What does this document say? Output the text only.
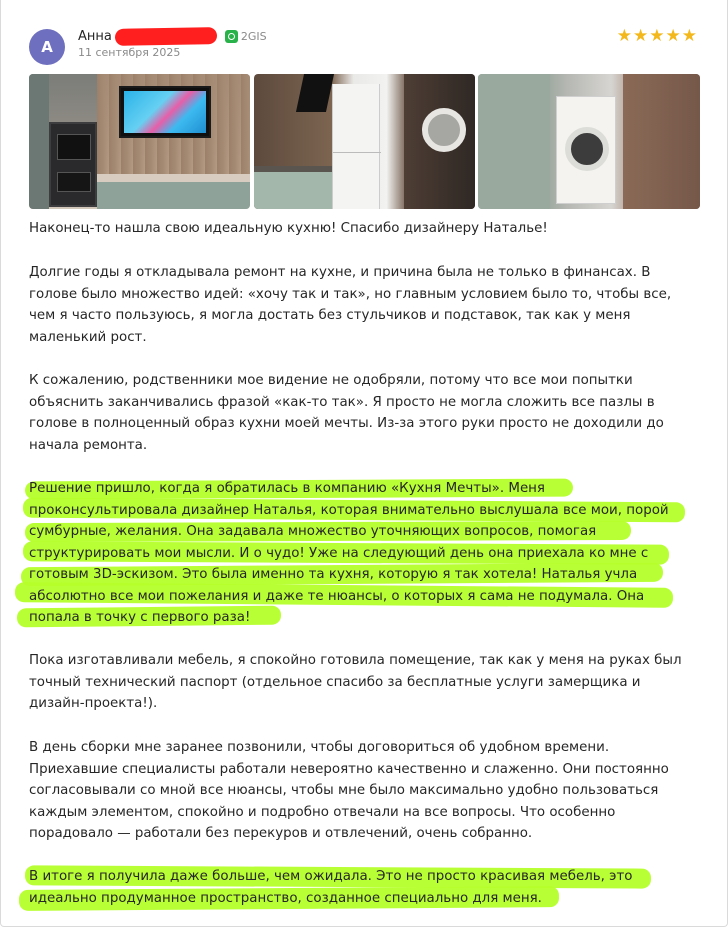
А
Анна	2GIS
11 сентября 2025
★ ★ ★ ★ ★

Наконец-то нашла свою идеальную кухню! Спасибо дизайнеру Наталье!

Долгие годы я откладывала ремонт на кухне, и причина была не только в финансах. В
голове было множество идей: «хочу так и так», но главным условием было то, чтобы все,
чем я часто пользуюсь, я могла достать без стульчиков и подставок, так как у меня
маленький рост.

К сожалению, родственники мое видение не одобряли, потому что все мои попытки
объяснить заканчивались фразой «как-то так». Я просто не могла сложить все пазлы в
голове в полноценный образ кухни моей мечты. Из-за этого руки просто не доходили до
начала ремонта.

Решение пришло, когда я обратилась в компанию «Кухня Мечты». Меня
проконсультировала дизайнер Наталья, которая внимательно выслушала все мои, порой
сумбурные, желания. Она задавала множество уточняющих вопросов, помогая
структурировать мои мысли. И о чудо! Уже на следующий день она приехала ко мне с
готовым 3D-эскизом. Это была именно та кухня, которую я так хотела! Наталья учла
абсолютно все мои пожелания и даже те нюансы, о которых я сама не подумала. Она
попала в точку с первого раза!

Пока изготавливали мебель, я спокойно готовила помещение, так как у меня на руках был
точный технический паспорт (отдельное спасибо за бесплатные услуги замерщика и
дизайн-проекта!).

В день сборки мне заранее позвонили, чтобы договориться об удобном времени.
Приехавшие специалисты работали невероятно качественно и слаженно. Они постоянно
согласовывали со мной все нюансы, чтобы мне было максимально удобно пользоваться
каждым элементом, спокойно и подробно отвечали на все вопросы. Что особенно
порадовало — работали без перекуров и отвлечений, очень собранно.

В итоге я получила даже больше, чем ожидала. Это не просто красивая мебель, это
идеально продуманное пространство, созданное специально для меня.
